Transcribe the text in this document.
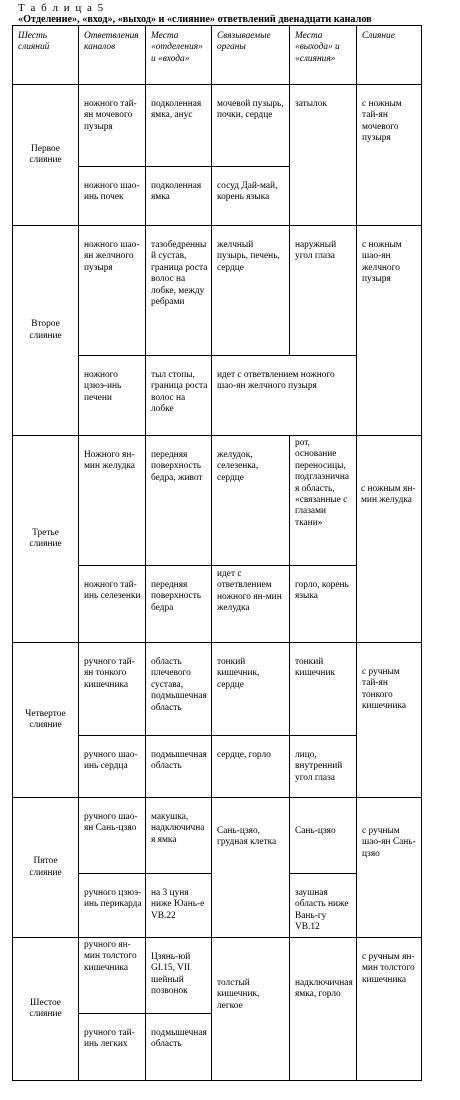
Т а б л и ц а 5
«Отделение», «вход», «выход» и «слияние» ответвлений двенадцати каналов
Шесть слияний	Ответвления каналов	Места «отделения» и «входа»	Связываемые органы	Места «выхода» и «слияния»	Слияние
Первое слияние	ножного тай-ян мочевого пузыря	подколенная ямка, анус	мочевой пузырь, почки, сердце	затылок	с ножным тай-ян мочевого пузыря
	ножного шао-инь почек	подколенная ямка	сосуд Дай-май, корень языка		
Второе слияние	ножного шао-ян желчного пузыря	тазобедренный сустав, граница роста волос на лобке, между ребрами	желчный пузырь, печень, сердце	наружный угол глаза	с ножным шао-ян желчного пузыря
	ножного цзюэ-инь печени	тыл стопы, граница роста волос на лобке	идет с ответвлением ножного шао-ян желчного пузыря		
Третье слияние	Ножного ян-мин желудка	передняя поверхность бедра, живот	желудок, селезенка, сердце	рот, основание переносицы, подглазничная область, «связанные с глазами ткани»	с ножным ян-мин желудка
	ножного тай-инь селезенки	передняя поверхность бедра	идет с ответвлением ножного ян-мин желудка	горло, корень языка	
Четвертое слияние	ручного тай-ян тонкого кишечника	область плечевого сустава, подмышечная область	тонкий кишечник, сердце	тонкий кишечник	с ручным тай-ян тонкого кишечника
	ручного шао-инь сердца	подмышечная область	сердце, горло	лицо, внутренний угол глаза	
Пятое слияние	ручного шао-ян Сань-цзяо	макушка, надключичная ямка	Сань-цзяо, грудная клетка	Сань-цзяо	с ручным шао-ян Сань-цзяо
	ручного цзюэ-инь перикарда	на 3 цуня ниже Юань-е VB.22		заушная область ниже Вань-гу VB.12	
Шестое слияние	ручного ян-мин толстого кишечника	Цзянь-юй GI.15, VII шейный позвонок	толстый кишечник, легкое	надключичная ямка, горло	с ручным ян-мин толстого кишечника
	ручного тай-инь легких	подмышечная область			
